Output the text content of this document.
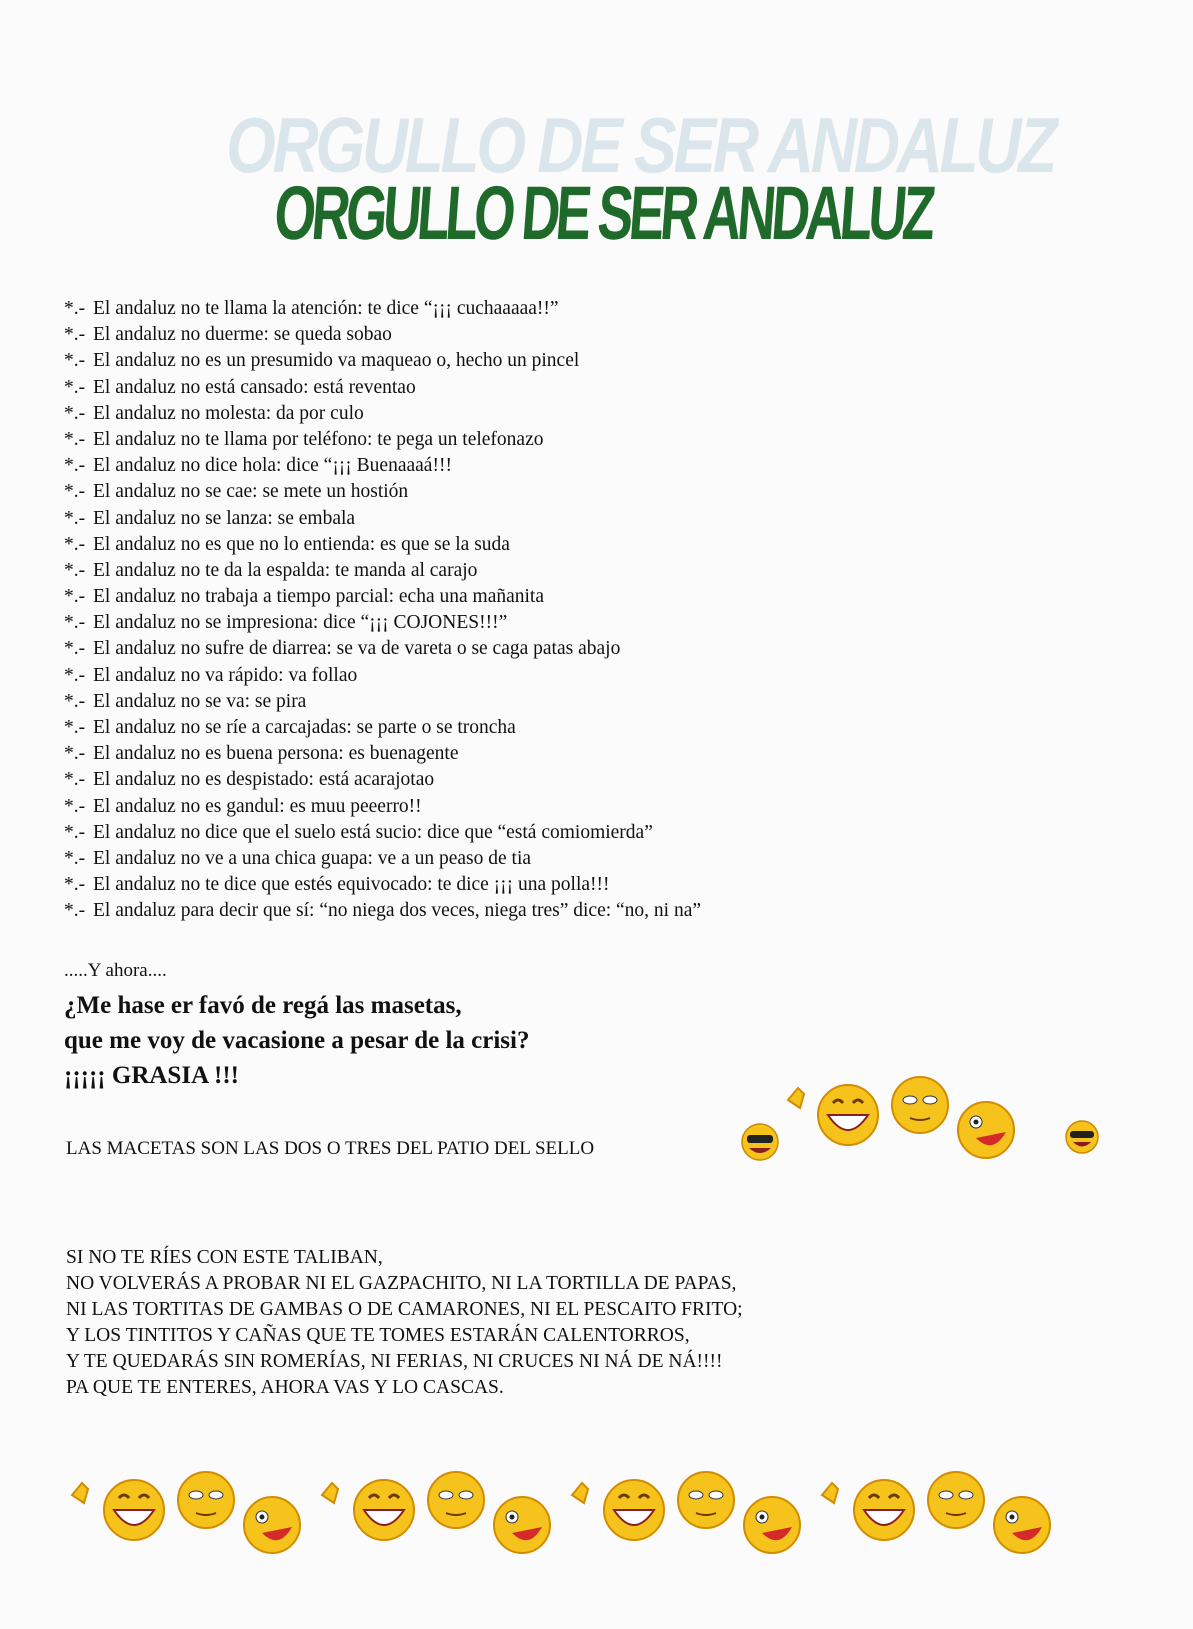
ORGULLO DE SER ANDALUZ
ORGULLO DE SER ANDALUZ
*.- El andaluz no te llama la atención: te dice “¡¡¡ cuchaaaaa!!”
*.- El andaluz no duerme: se queda sobao
*.- El andaluz no es un presumido va maqueao o, hecho un pincel
*.- El andaluz no está cansado: está reventao
*.- El andaluz no molesta: da por culo
*.- El andaluz no te llama por teléfono: te pega un telefonazo
*.- El andaluz no dice hola: dice “¡¡¡ Buenaaaá!!!
*.- El andaluz no se cae: se mete un hostión
*.- El andaluz no se lanza: se embala
*.- El andaluz no es que no lo entienda: es que se la suda
*.- El andaluz no te da la espalda: te manda al carajo
*.- El andaluz no trabaja a tiempo parcial: echa una mañanita
*.- El andaluz no se impresiona: dice “¡¡¡ COJONES!!!”
*.- El andaluz no sufre de diarrea: se va de vareta o se caga patas abajo
*.- El andaluz no va rápido: va follao
*.- El andaluz no se va: se pira
*.- El andaluz no se ríe a carcajadas: se parte o se troncha
*.- El andaluz no es buena persona: es buenagente
*.- El andaluz no es despistado: está acarajotao
*.- El andaluz no es gandul: es muu peeerro!!
*.- El andaluz no dice que el suelo está sucio: dice que “está comiomierda”
*.- El andaluz no ve a una chica guapa: ve a un peaso de tia
*.- El andaluz no te dice que estés equivocado: te dice ¡¡¡ una polla!!!
*.- El andaluz para decir que sí: “no niega dos veces, niega tres” dice: “no, ni na”
.....Y ahora....
¿Me hase er favó de regá las masetas,
que me voy de vacasione a pesar de la crisi?
¡¡¡¡¡ GRASIA !!!
LAS MACETAS SON LAS DOS O TRES DEL PATIO DEL SELLO
SI NO TE RÍES CON ESTE TALIBAN,
NO VOLVERÁS A PROBAR NI EL GAZPACHITO, NI LA TORTILLA DE PAPAS,
NI LAS TORTITAS DE GAMBAS O DE CAMARONES, NI EL PESCAITO FRITO;
Y LOS TINTITOS Y CAÑAS QUE TE TOMES ESTARÁN CALENTORROS,
Y TE QUEDARÁS SIN ROMERÍAS, NI FERIAS, NI CRUCES NI NÁ DE NÁ!!!!
PA QUE TE ENTERES, AHORA VAS Y LO CASCAS.
